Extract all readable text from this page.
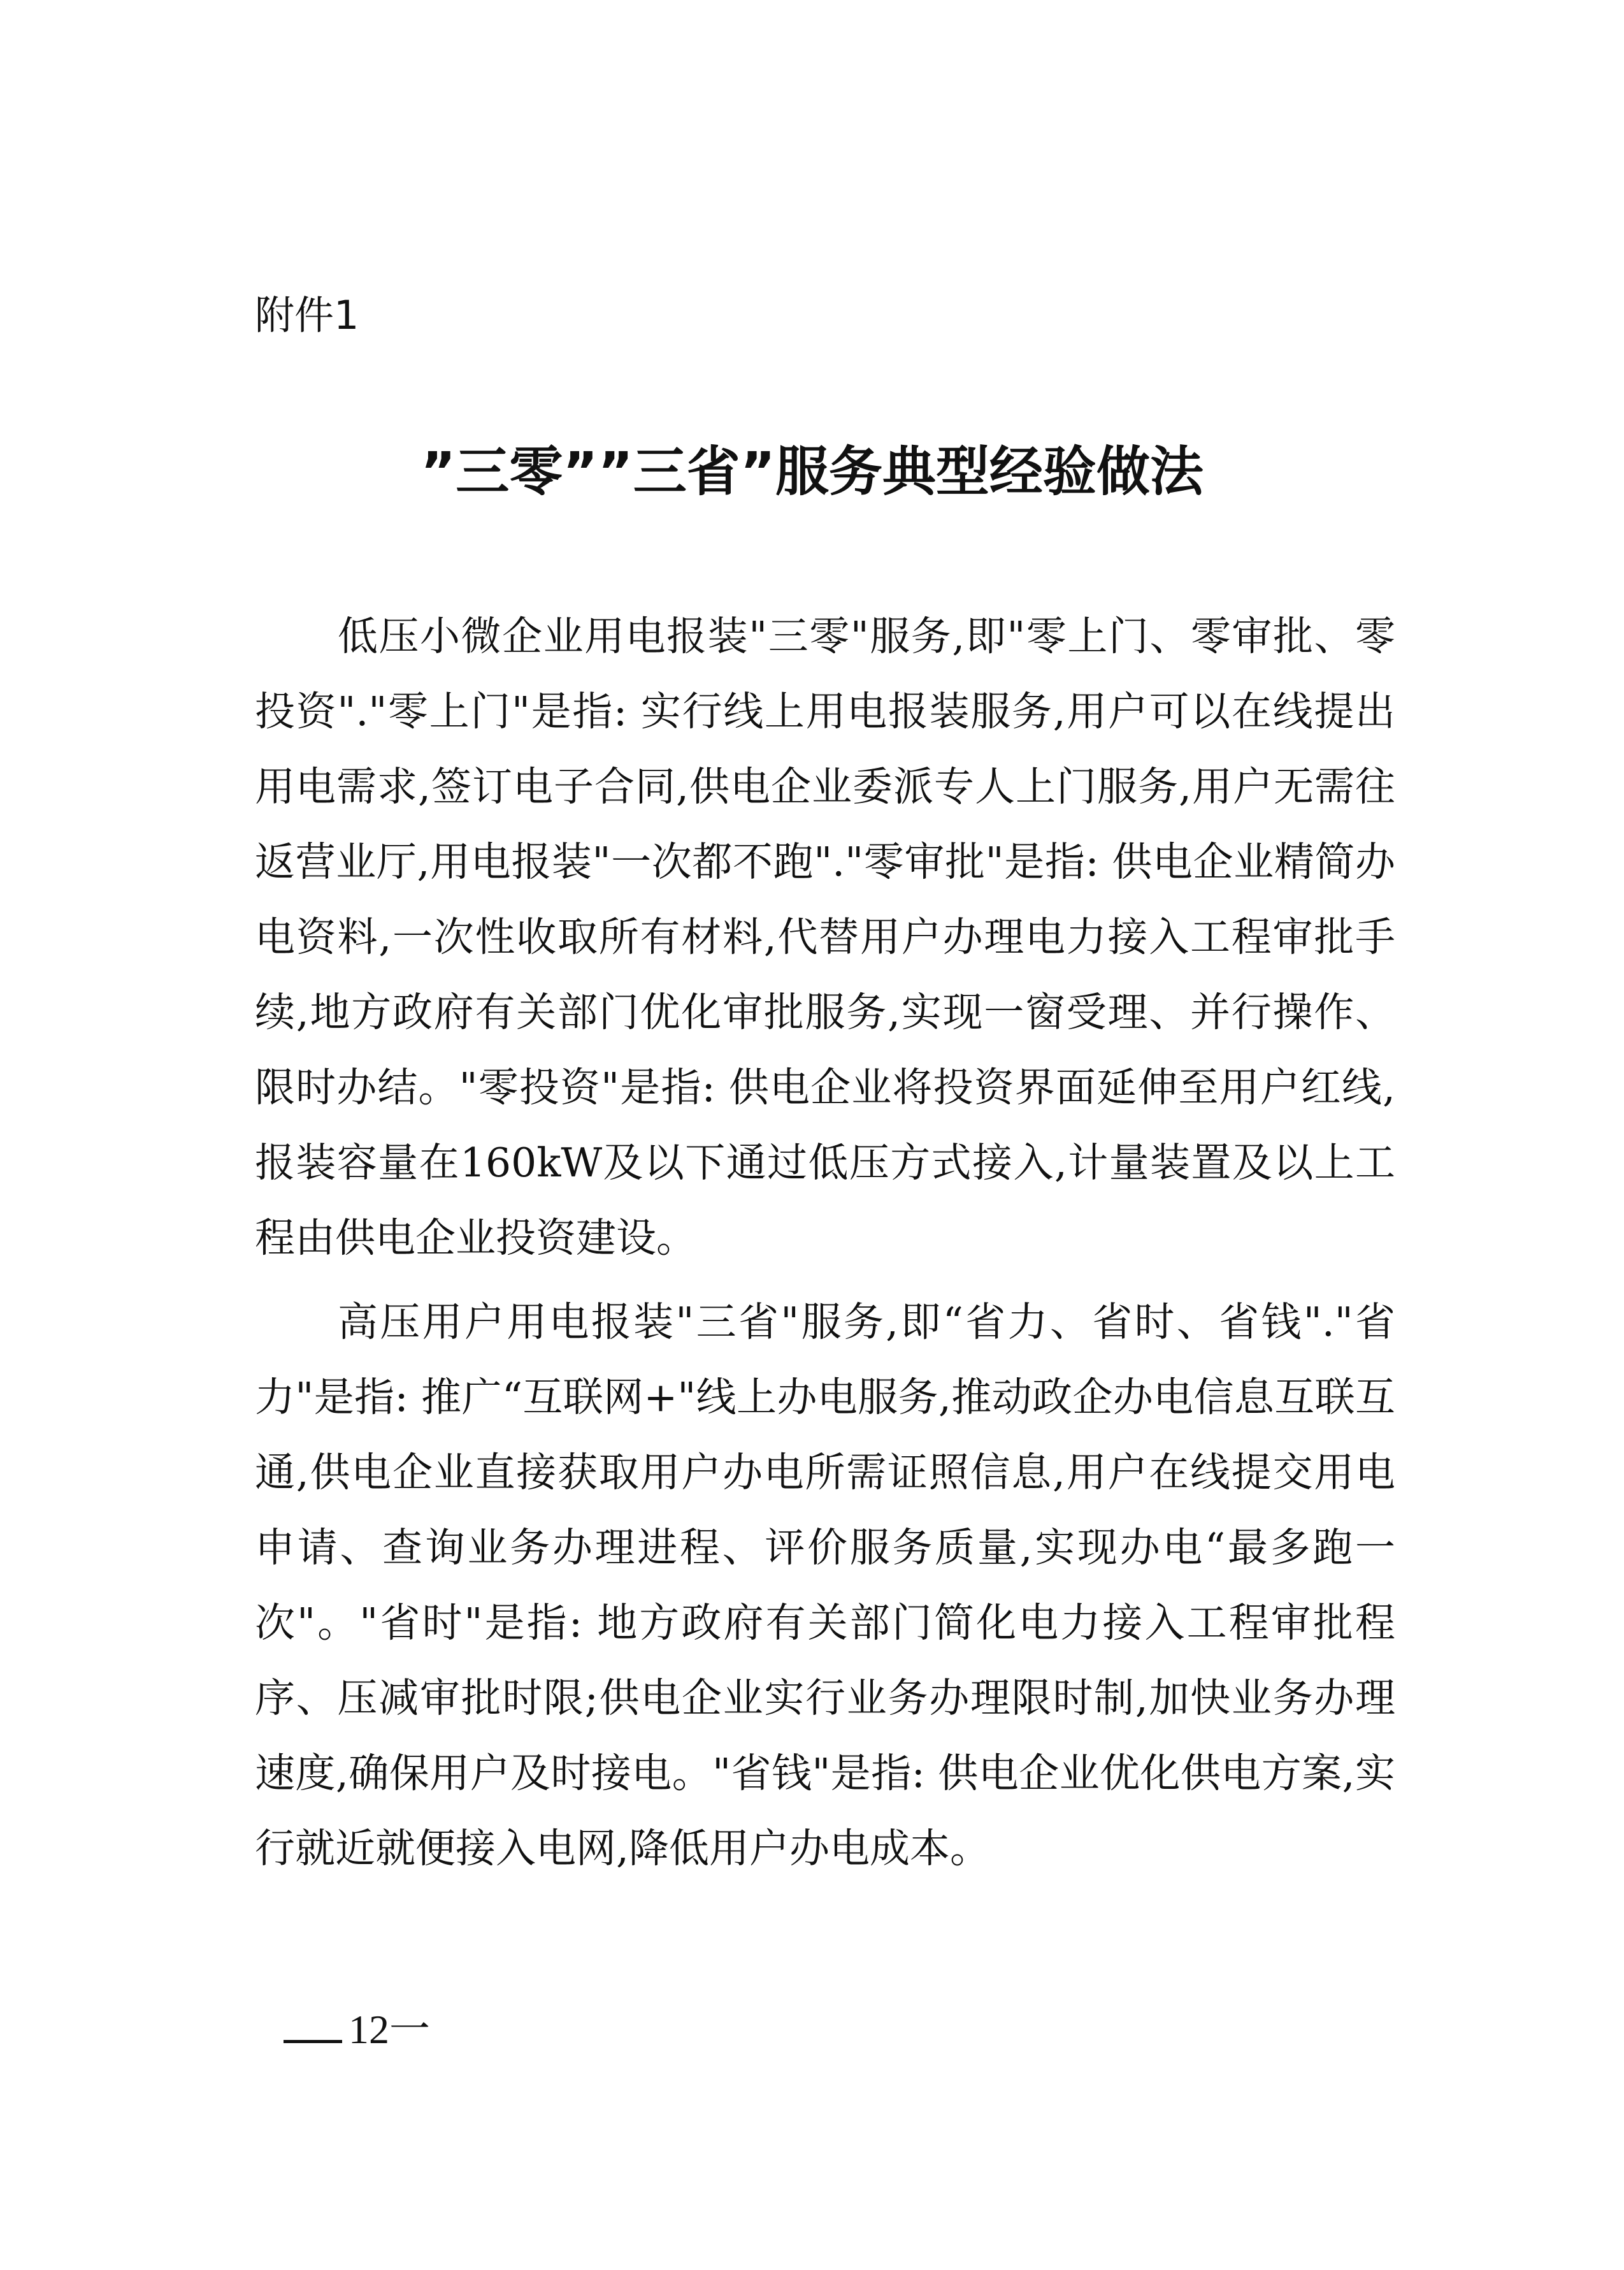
附件1
”三零””三省”服务典型经验做法

低压小微企业用电报装"三零"服务,即"零上门、零审批、零投资"."零上门"是指: 实行线上用电报装服务,用户可以在线提出用电需求,签订电子合同,供电企业委派专人上门服务,用户无需往返营业厅,用电报装"一次都不跑"."零审批"是指: 供电企业精简办电资料,一次性收取所有材料,代替用户办理电力接入工程审批手续,地方政府有关部门优化审批服务,实现一窗受理、并行操作、限时办结。"零投资"是指: 供电企业将投资界面延伸至用户红线,报装容量在160kW及以下通过低压方式接入,计量装置及以上工程由供电企业投资建设。

高压用户用电报装"三省"服务,即“省力、省时、省钱"."省力"是指: 推广“互联网+"线上办电服务,推动政企办电信息互联互通,供电企业直接获取用户办电所需证照信息,用户在线提交用电申请、查询业务办理进程、评价服务质量,实现办电“最多跑一次"。"省时"是指: 地方政府有关部门简化电力接入工程审批程序、压减审批时限;供电企业实行业务办理限时制,加快业务办理速度,确保用户及时接电。"省钱"是指: 供电企业优化供电方案,实行就近就便接入电网,降低用户办电成本。

12一
